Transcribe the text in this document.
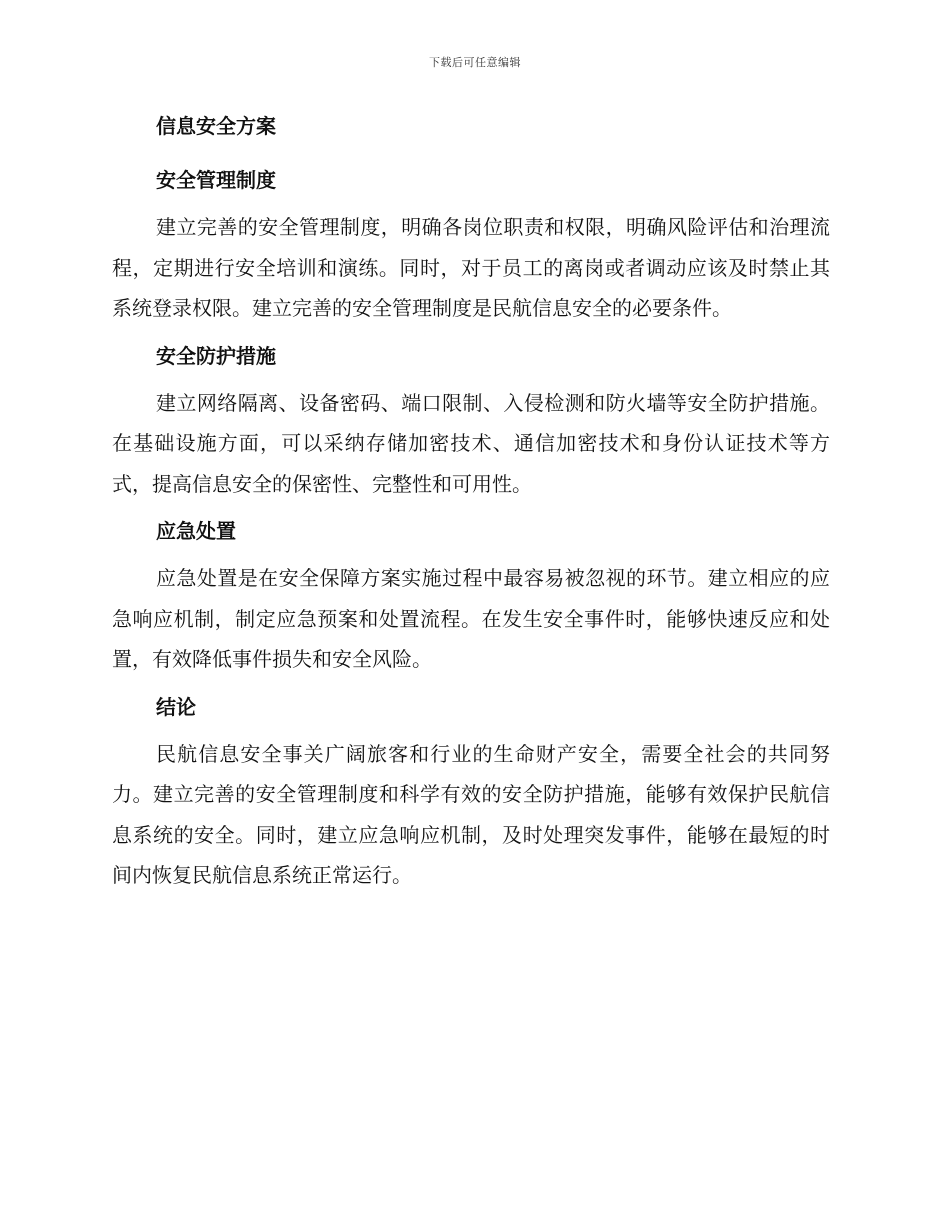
下载后可任意编辑
信息安全方案
安全管理制度

建立完善的安全管理制度，明确各岗位职责和权限，明确风险评估和治理流程，定期进行安全培训和演练。同时，对于员工的离岗或者调动应该及时禁止其系统登录权限。建立完善的安全管理制度是民航信息安全的必要条件。

安全防护措施

建立网络隔离、设备密码、端口限制、入侵检测和防火墙等安全防护措施。在基础设施方面，可以采纳存储加密技术、通信加密技术和身份认证技术等方式，提高信息安全的保密性、完整性和可用性。

应急处置

应急处置是在安全保障方案实施过程中最容易被忽视的环节。建立相应的应急响应机制，制定应急预案和处置流程。在发生安全事件时，能够快速反应和处置，有效降低事件损失和安全风险。

结论

民航信息安全事关广阔旅客和行业的生命财产安全，需要全社会的共同努力。建立完善的安全管理制度和科学有效的安全防护措施，能够有效保护民航信息系统的安全。同时，建立应急响应机制，及时处理突发事件，能够在最短的时间内恢复民航信息系统正常运行。
